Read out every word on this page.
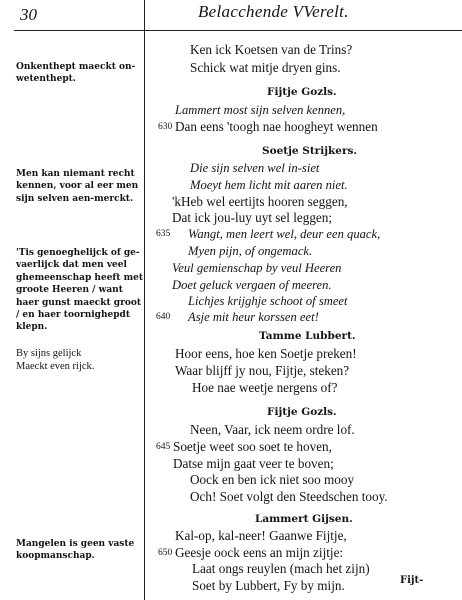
30	Belacchende VVerelt.
Onkenthept maeckt on-
wetenthept.
Men kan niemant recht
kennen, voor al eer men
sijn selven aen-merckt.
'Tis genoeghelijck of ge-
vaerlijck dat men veel
ghemeenschap heeft met
groote Heeren / want
haer gunst maeckt groot
/ en haer toornighepdt
klepn.
By sijns gelijck
Maeckt even rijck.
Mangelen is geen vaste
koopmanschap.
Ken ick Koetsen van de Trins?
Schick wat mitje dryen gins.
Fijtje Gozls.
Lammert most sijn selven kennen,
630 Dan eens 'toogh nae hoogheyt wennen
Soetje Strijkers.
Die sijn selven wel in-siet
Moeyt hem licht mit aaren niet.
'kHeb wel eertijts hooren seggen,
Dat ick jou-luy uyt sel leggen;
635 Wangt, men leert wel, deur een quack,
Myen pijn, of ongemack.
Veul gemienschap by veul Heeren
Doet geluck vergaen of meeren.
Lichjes krijghje schoot of smeet
640 Asje mit heur korssen eet!
Tamme Lubbert.
Hoor eens, hoe ken Soetje preken!
Waar blijff jy nou, Fijtje, steken?
Hoe nae weetje nergens of?
Fijtje Gozls.
Neen, Vaar, ick neem ordre lof.
645 Soetje weet soo soet te hoven,
Datse mijn gaat veer te boven;
Oock en ben ick niet soo mooy
Och! Soet volgt den Steedschen tooy.
Lammert Gijsen.
Kal-op, kal-neer! Gaanwe Fijtje,
650 Geesje oock eens an mijn zijtje:
Laat ongs reuylen (mach het zijn)
Soet by Lubbert, Fy by mijn.	Fijt-
